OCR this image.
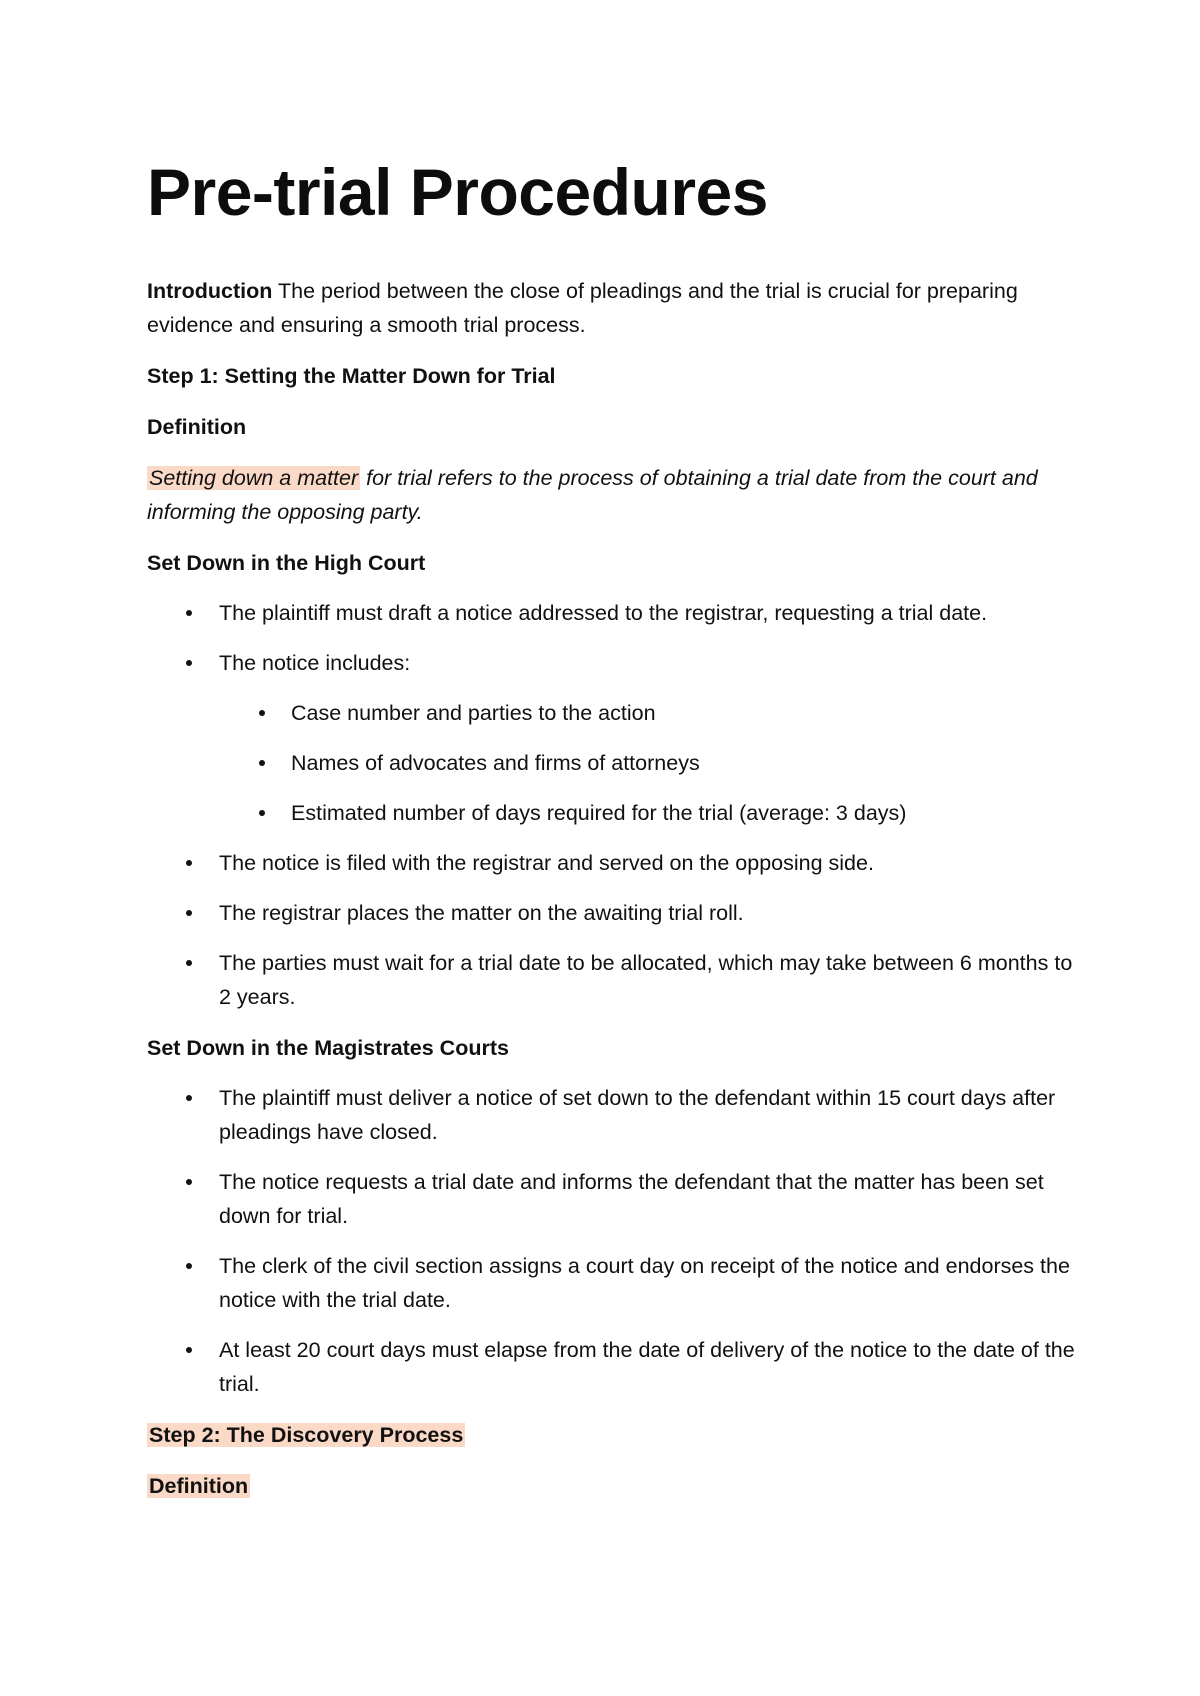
Pre-trial Procedures

Introduction The period between the close of pleadings and the trial is crucial for preparing evidence and ensuring a smooth trial process.

Step 1: Setting the Matter Down for Trial

Definition

Setting down a matter for trial refers to the process of obtaining a trial date from the court and informing the opposing party.

Set Down in the High Court

The plaintiff must draft a notice addressed to the registrar, requesting a trial date.
The notice includes:
Case number and parties to the action
Names of advocates and firms of attorneys
Estimated number of days required for the trial (average: 3 days)
The notice is filed with the registrar and served on the opposing side.
The registrar places the matter on the awaiting trial roll.
The parties must wait for a trial date to be allocated, which may take between 6 months to 2 years.

Set Down in the Magistrates Courts

The plaintiff must deliver a notice of set down to the defendant within 15 court days after pleadings have closed.
The notice requests a trial date and informs the defendant that the matter has been set down for trial.
The clerk of the civil section assigns a court day on receipt of the notice and endorses the notice with the trial date.
At least 20 court days must elapse from the date of delivery of the notice to the date of the trial.

Step 2: The Discovery Process

Definition
